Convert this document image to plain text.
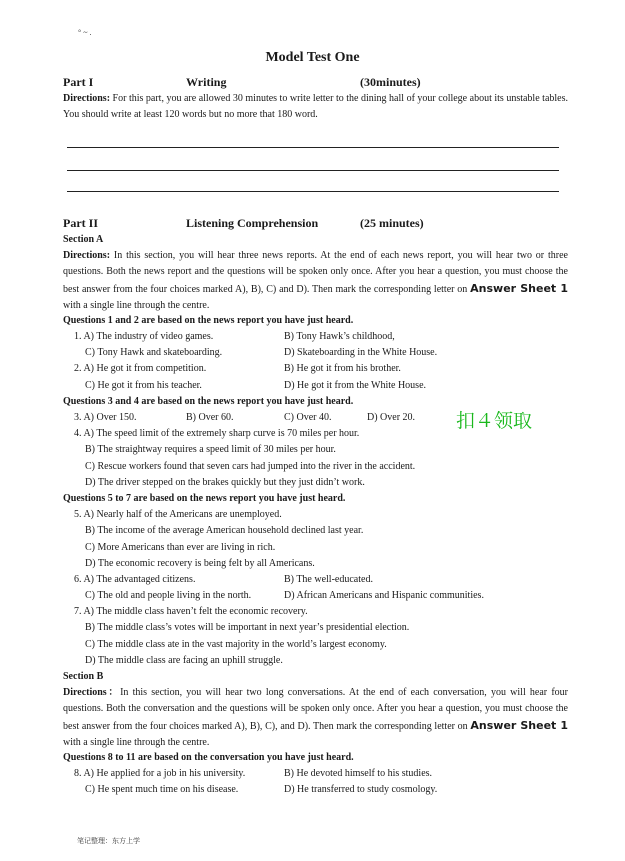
° ~ .
Model Test One
Part I	Writing	(30minutes)
Directions: For this part, you are allowed 30 minutes to write letter to the dining hall of your college about its unstable tables. You should write at least 120 words but no more that 180 word.
Part II	Listening Comprehension	(25 minutes)
Section A
Directions: In this section, you will hear three news reports. At the end of each news report, you will hear two or three questions. Both the news report and the questions will be spoken only once. After you hear a question, you must choose the best answer from the four choices marked A), B), C) and D). Then mark the corresponding letter on Answer Sheet 1 with a single line through the centre.
Questions 1 and 2 are based on the news report you have just heard.
1. A) The industry of video games.	B) Tony Hawk’s childhood,
C) Tony Hawk and skateboarding.	D) Skateboarding in the White House.
2. A) He got it from competition.	B) He got it from his brother.
C) He got it from his teacher.	D) He got it from the White House.
Questions 3 and 4 are based on the news report you have just heard.
3. A) Over 150.	B) Over 60.	C) Over 40.	D) Over 20. 扣４领取
4. A) The speed limit of the extremely sharp curve is 70 miles per hour.
B) The straightway requires a speed limit of 30 miles per hour.
C) Rescue workers found that seven cars had jumped into the river in the accident.
D) The driver stepped on the brakes quickly but they just didn’t work.
Questions 5 to 7 are based on the news report you have just heard.
5. A) Nearly half of the Americans are unemployed.
B) The income of the average American household declined last year.
C) More Americans than ever are living in rich.
D) The economic recovery is being felt by all Americans.
6. A) The advantaged citizens.	B) The well-educated.
C) The old and people living in the north.	D) African Americans and Hispanic communities.
7. A) The middle class haven’t felt the economic recovery.
B) The middle class’s votes will be important in next year’s presidential election.
C) The middle class ate in the vast majority in the world’s largest economy.
D) The middle class are facing an uphill struggle.
Section B
Directions：In this section, you will hear two long conversations. At the end of each conversation, you will hear four questions. Both the conversation and the questions will be spoken only once. After you hear a question, you must choose the best answer from the four choices marked A), B), C), and D). Then mark the corresponding letter on Answer Sheet 1 with a single line through the centre.
Questions 8 to 11 are based on the conversation you have just heard.
8. A) He applied for a job in his university.	B) He devoted himself to his studies.
C) He spent much time on his disease.	D) He transferred to study cosmology.
笔记整理：东方上学
